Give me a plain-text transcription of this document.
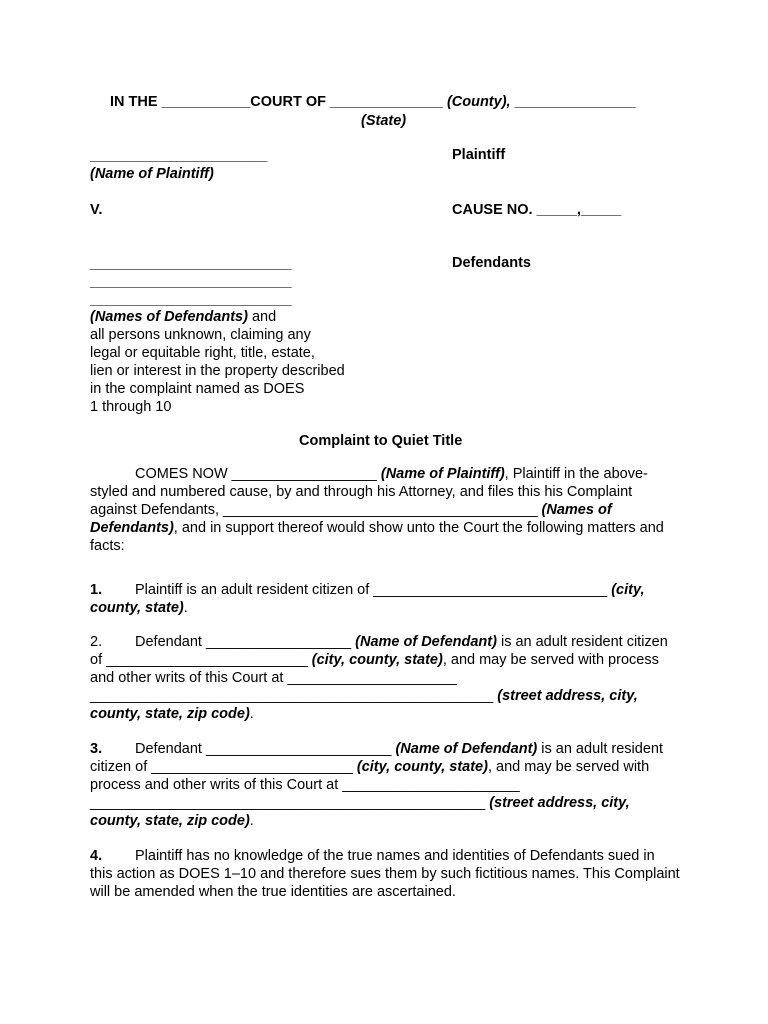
IN THE ___________COURT OF ______________ (County), _______________
(State)
______________________
(Name of Plaintiff)
Plaintiff
V.	CAUSE NO. _____,_____
Defendants
_________________________
_________________________
_________________________
(Names of Defendants) and
all persons unknown, claiming any
legal or equitable right, title, estate,
lien or interest in the property described
in the complaint named as DOES
1 through 10
Complaint to Quiet Title

COMES NOW __________________ (Name of Plaintiff), Plaintiff in the above-styled and numbered cause, by and through his Attorney, and files this his Complaint against Defendants, _______________________________________ (Names of Defendants), and in support thereof would show unto the Court the following matters and facts:

1. Plaintiff is an adult resident citizen of _____________________________ (city, county, state).

2. Defendant __________________ (Name of Defendant) is an adult resident citizen of _________________________ (city, county, state), and may be served with process and other writs of this Court at _____________________ __________________________________________________ (street address, city, county, state, zip code).

3. Defendant _______________________ (Name of Defendant) is an adult resident citizen of _________________________ (city, county, state), and may be served with process and other writs of this Court at ______________________ _________________________________________________ (street address, city, county, state, zip code).

4. Plaintiff has no knowledge of the true names and identities of Defendants sued in this action as DOES 1–10 and therefore sues them by such fictitious names. This Complaint will be amended when the true identities are ascertained.
